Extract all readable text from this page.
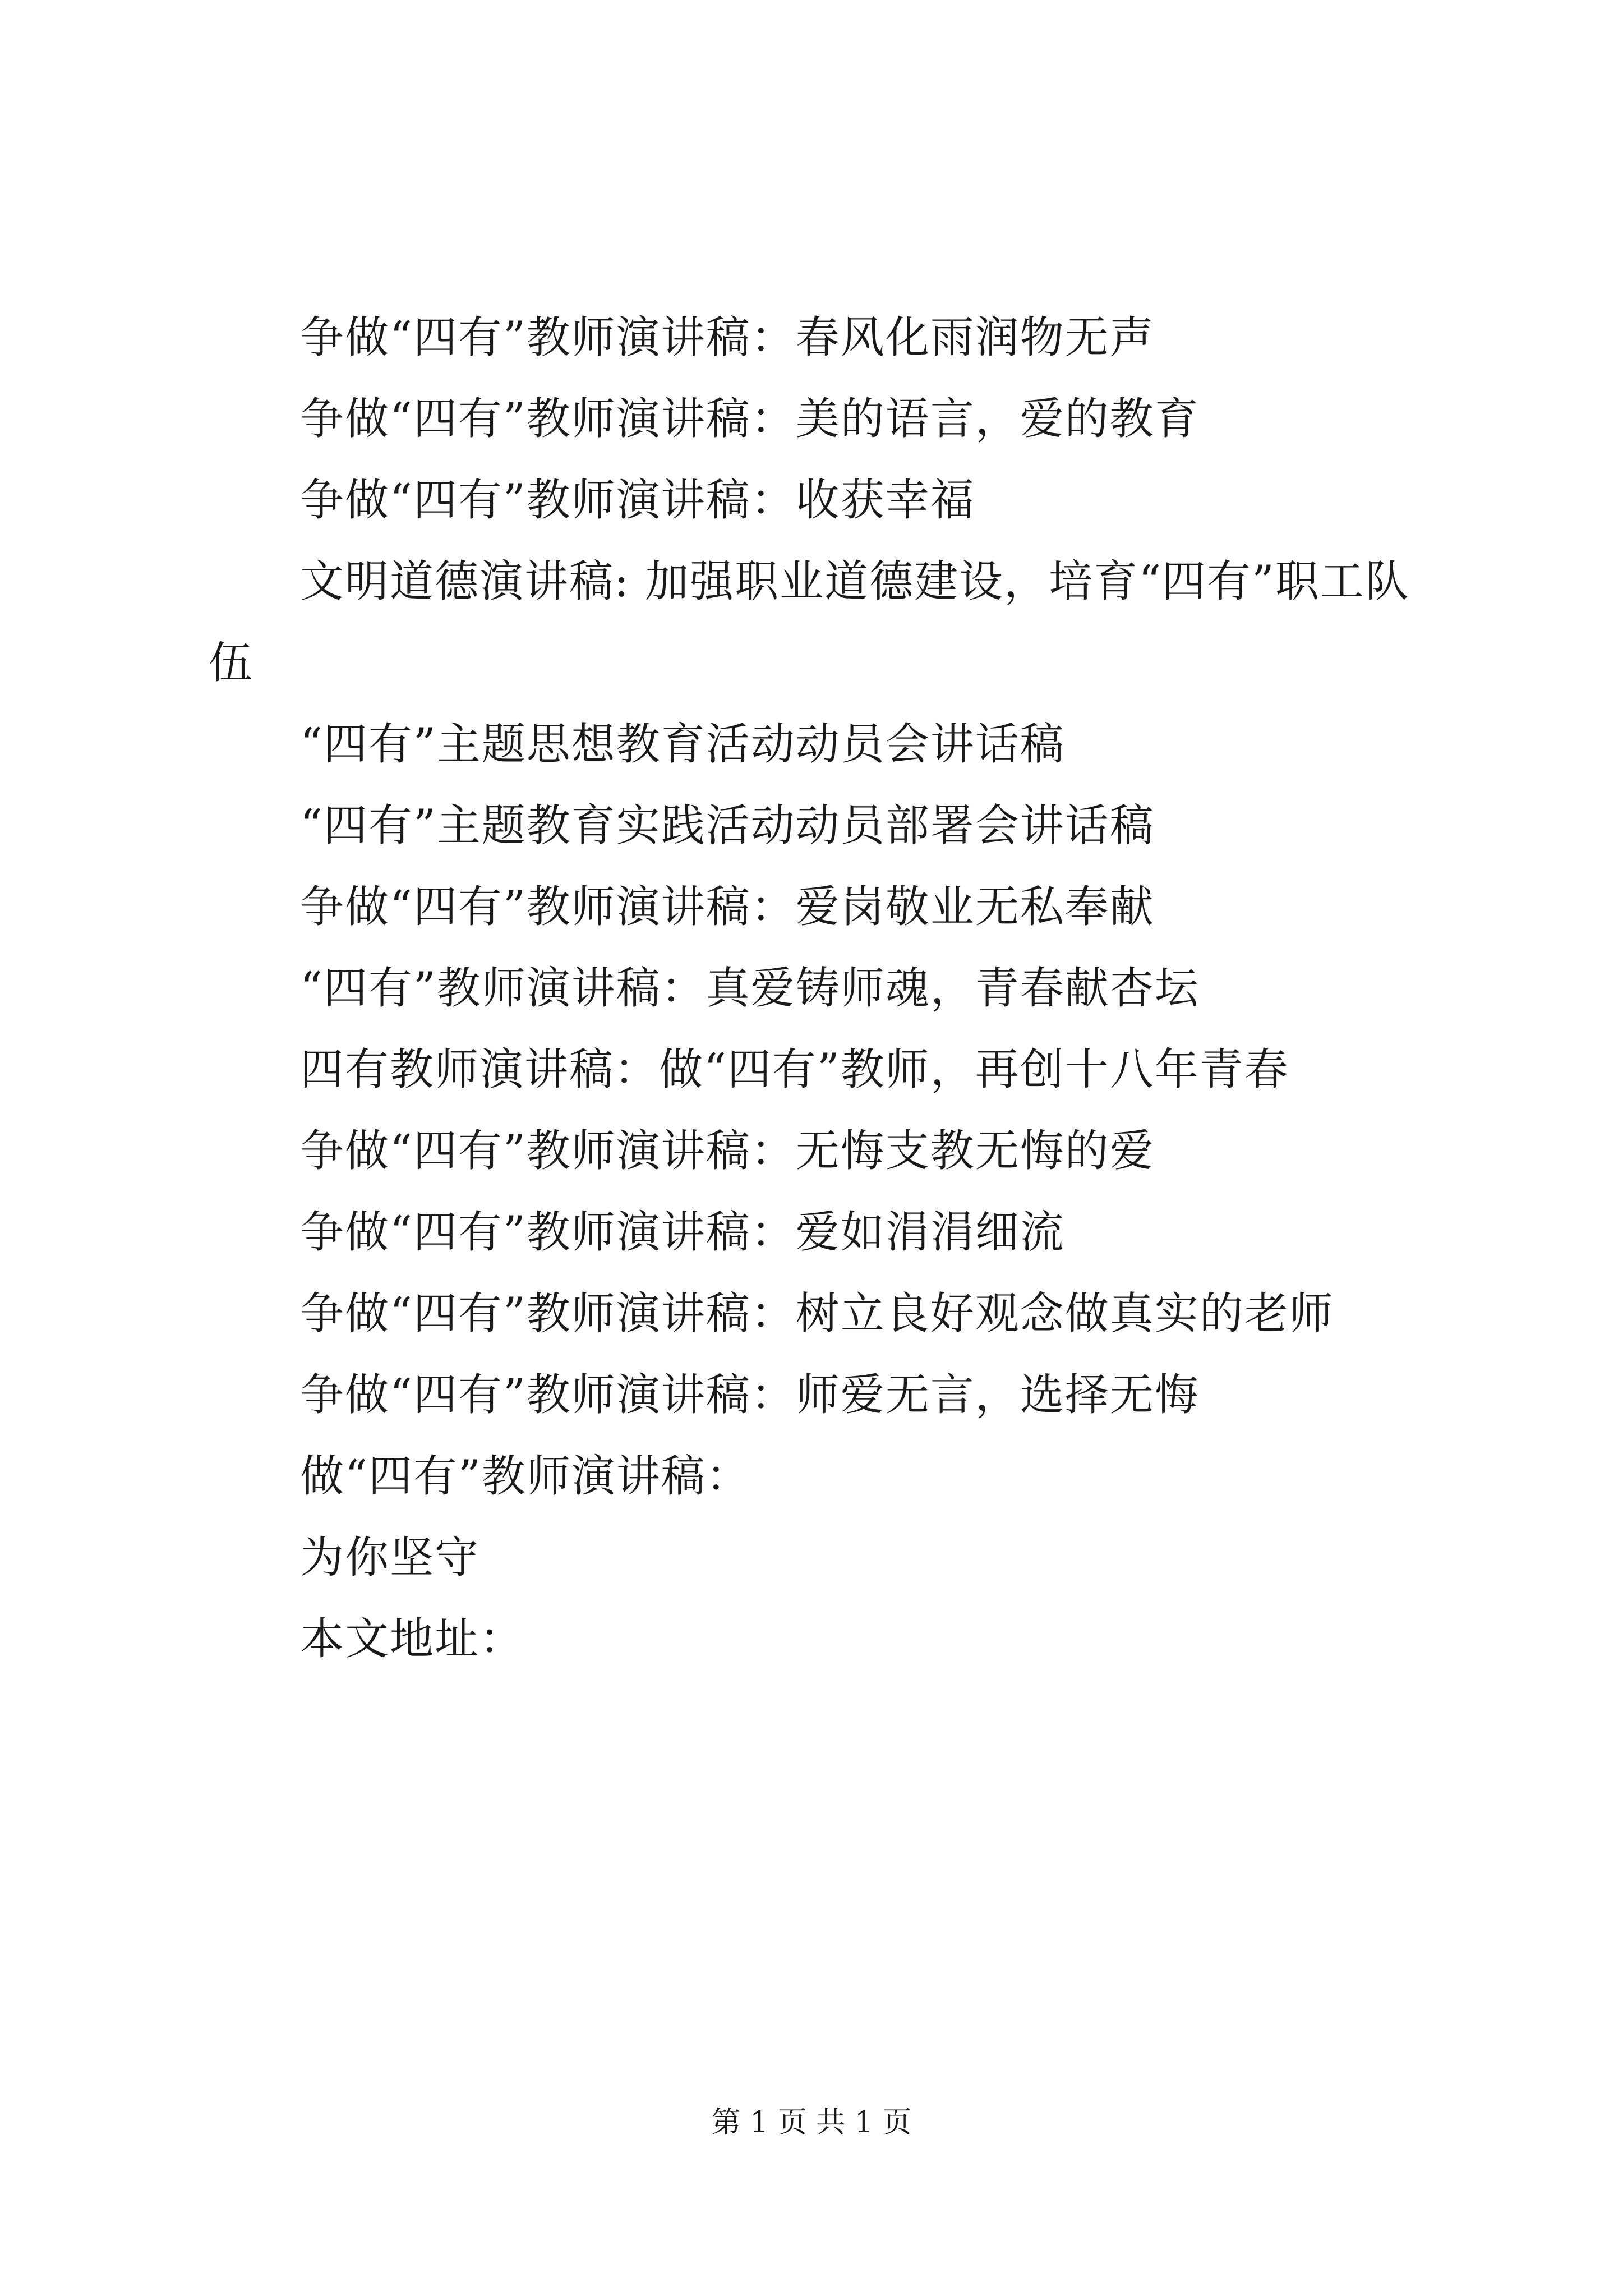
争做“四有”教师演讲稿：春风化雨润物无声
争做“四有”教师演讲稿：美的语言，爱的教育
争做“四有”教师演讲稿：收获幸福
文明道德演讲稿: 加强职业道德建设，培育“四有”职工队
伍
“四有”主题思想教育活动动员会讲话稿
“四有”主题教育实践活动动员部署会讲话稿
争做“四有”教师演讲稿：爱岗敬业无私奉献
“四有”教师演讲稿：真爱铸师魂，青春献杏坛
四有教师演讲稿：做“四有”教师，再创十八年青春
争做“四有”教师演讲稿：无悔支教无悔的爱
争做“四有”教师演讲稿：爱如涓涓细流
争做“四有”教师演讲稿：树立良好观念做真实的老师
争做“四有”教师演讲稿：师爱无言，选择无悔
做“四有”教师演讲稿：
为你坚守
本文地址：
第 1 页 共 1 页
